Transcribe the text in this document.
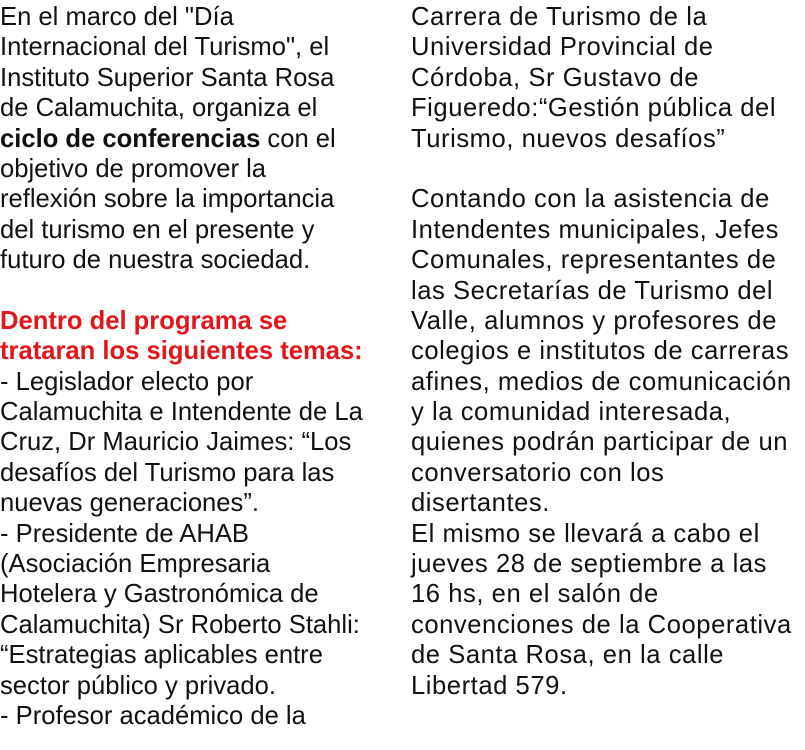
En el marco del "Día
Internacional del Turismo", el
Instituto Superior Santa Rosa
de Calamuchita, organiza el
ciclo de conferencias con el
objetivo de promover la
reflexión sobre la importancia
del turismo en el presente y
futuro de nuestra sociedad.
Dentro del programa se
trataran los siguientes temas:
- Legislador electo por
Calamuchita e Intendente de La
Cruz, Dr Mauricio Jaimes: “Los
desafíos del Turismo para las
nuevas generaciones”.
- Presidente de AHAB
(Asociación Empresaria
Hotelera y Gastronómica de
Calamuchita) Sr Roberto Stahli:
“Estrategias aplicables entre
sector público y privado.
- Profesor académico de la
Carrera de Turismo de la
Universidad Provincial de
Córdoba, Sr Gustavo de
Figueredo:“Gestión pública del
Turismo, nuevos desafíos”
Contando con la asistencia de
Intendentes municipales, Jefes
Comunales, representantes de
las Secretarías de Turismo del
Valle, alumnos y profesores de
colegios e institutos de carreras
afines, medios de comunicación
y la comunidad interesada,
quienes podrán participar de un
conversatorio con los
disertantes.
El mismo se llevará a cabo el
jueves 28 de septiembre a las
16 hs, en el salón de
convenciones de la Cooperativa
de Santa Rosa, en la calle
Libertad 579.
